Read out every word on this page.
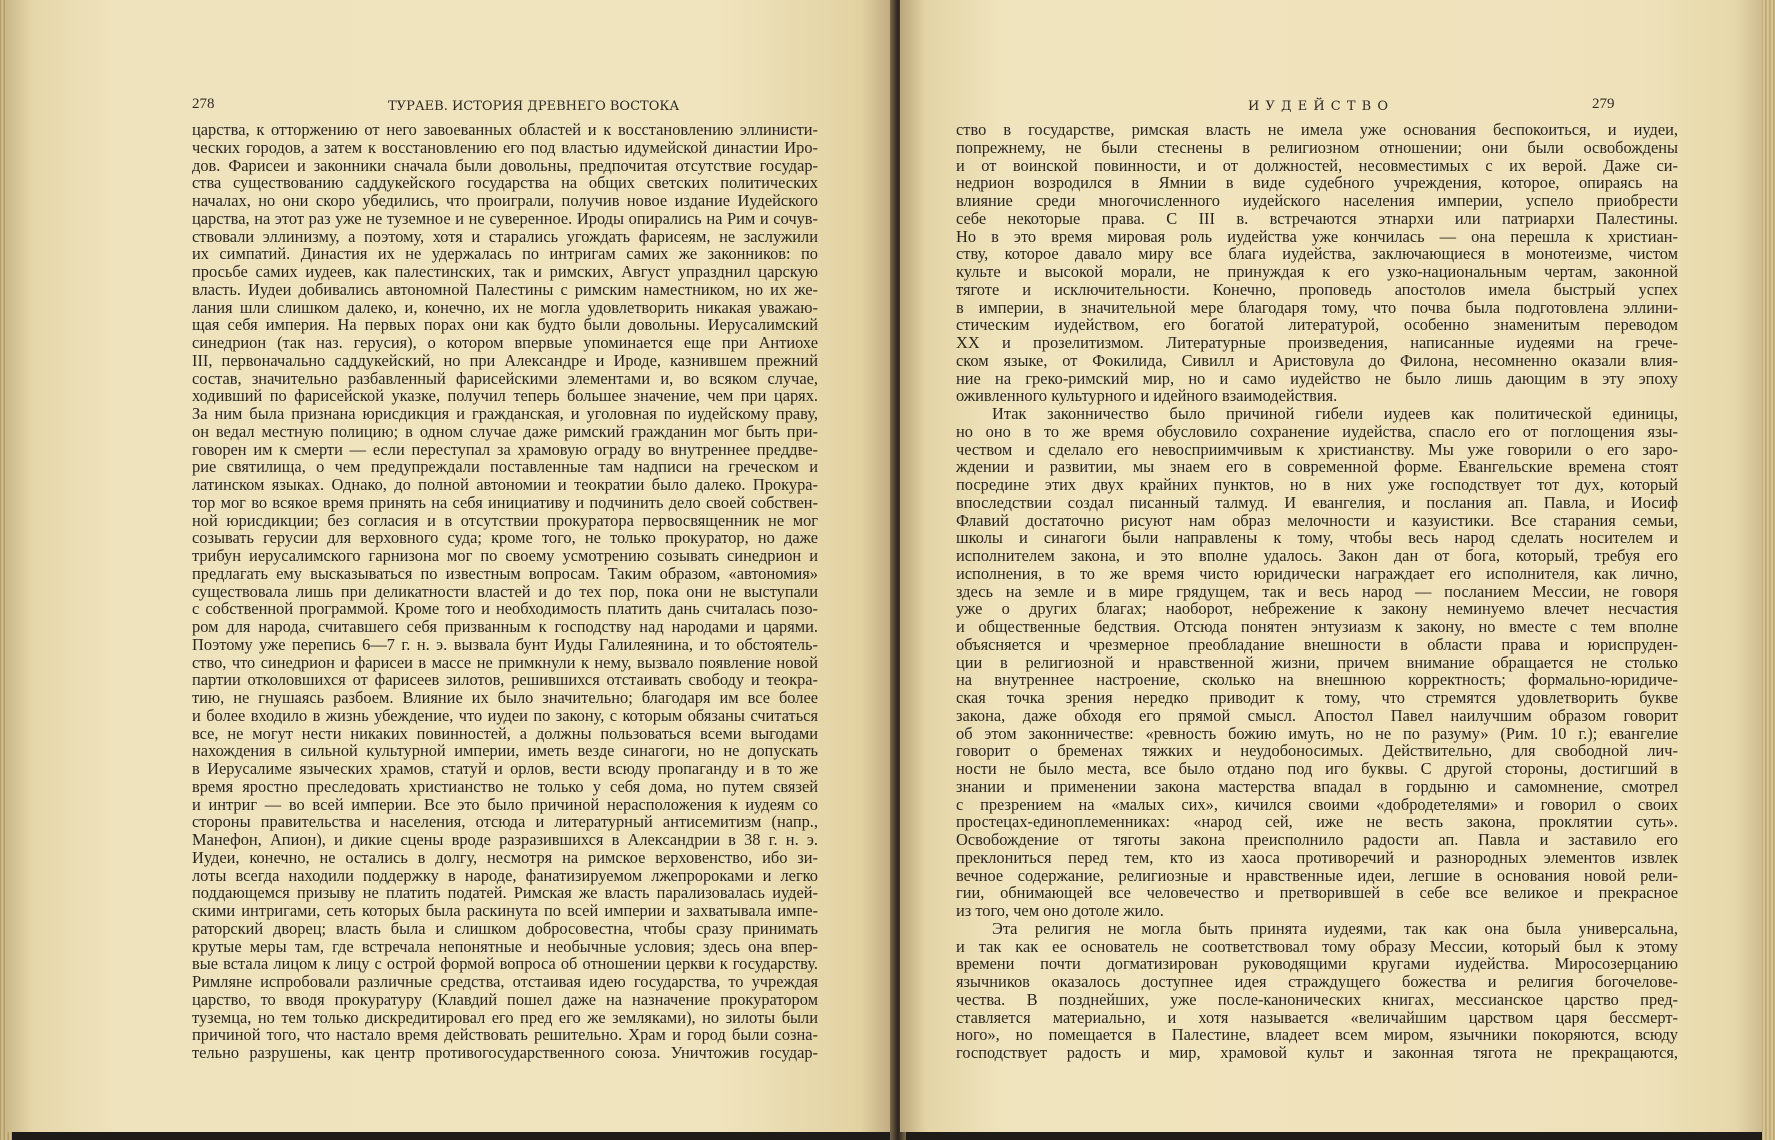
278	ТУРАЕВ. ИСТОРИЯ ДРЕВНЕГО ВОСТОКА

царства, к отторжению от него завоеванных областей и к восстановлению эллинисти-

ческих городов, а затем к восстановлению его под властью идумейской династии Иро-

дов. Фарисеи и законники сначала были довольны, предпочитая отсутствие государ-

ства существованию саддукейского государства на общих светских политических

началах, но они скоро убедились, что проиграли, получив новое издание Иудейского

царства, на этот раз уже не туземное и не суверенное. Ироды опирались на Рим и сочув-

ствовали эллинизму, а поэтому, хотя и старались угождать фарисеям, не заслужили

их симпатий. Династия их не удержалась по интригам самих же законников: по

просьбе самих иудеев, как палестинских, так и римских, Август упразднил царскую

власть. Иудеи добивались автономной Палестины с римским наместником, но их же-

лания шли слишком далеко, и, конечно, их не могла удовлетворить никакая уважаю-

щая себя империя. На первых порах они как будто были довольны. Иерусалимский

синедрион (так наз. герусия), о котором впервые упоминается еще при Антиохе

III, первоначально саддукейский, но при Александре и Ироде, казнившем прежний

состав, значительно разбавленный фарисейскими элементами и, во всяком случае,

ходивший по фарисейской указке, получил теперь большее значение, чем при царях.

За ним была признана юрисдикция и гражданская, и уголовная по иудейскому праву,

он ведал местную полицию; в одном случае даже римский гражданин мог быть при-

говорен им к смерти — если переступал за храмовую ограду во внутреннее преддве-

рие святилища, о чем предупреждали поставленные там надписи на греческом и

латинском языках. Однако, до полной автономии и теократии было далеко. Прокура-

тор мог во всякое время принять на себя инициативу и подчинить дело своей собствен-

ной юрисдикции; без согласия и в отсутствии прокуратора первосвященник не мог

созывать герусии для верховного суда; кроме того, не только прокуратор, но даже

трибун иерусалимского гарнизона мог по своему усмотрению созывать синедрион и

предлагать ему высказываться по известным вопросам. Таким образом, «автономия»

существовала лишь при деликатности властей и до тех пор, пока они не выступали

с собственной программой. Кроме того и необходимость платить дань считалась позо-

ром для народа, считавшего себя призванным к господству над народами и царями.

Поэтому уже перепись 6—7 г. н. э. вызвала бунт Иуды Галилеянина, и то обстоятель-

ство, что синедрион и фарисеи в массе не примкнули к нему, вызвало появление новой

партии отколовшихся от фарисеев зилотов, решившихся отстаивать свободу и теокра-

тию, не гнушаясь разбоем. Влияние их было значительно; благодаря им все более

и более входило в жизнь убеждение, что иудеи по закону, с которым обязаны считаться

все, не могут нести никаких повинностей, а должны пользоваться всеми выгодами

нахождения в сильной культурной империи, иметь везде синагоги, но не допускать

в Иерусалиме языческих храмов, статуй и орлов, вести всюду пропаганду и в то же

время яростно преследовать христианство не только у себя дома, но путем связей

и интриг — во всей империи. Все это было причиной нерасположения к иудеям со

стороны правительства и населения, отсюда и литературный антисемитизм (напр.,

Манефон, Апион), и дикие сцены вроде разразившихся в Александрии в 38 г. н. э.

Иудеи, конечно, не остались в долгу, несмотря на римское верховенство, ибо зи-

лоты всегда находили поддержку в народе, фанатизируемом лжепророками и легко

поддающемся призыву не платить податей. Римская же власть парализовалась иудей-

скими интригами, сеть которых была раскинута по всей империи и захватывала импе-

раторский дворец; власть была и слишком добросовестна, чтобы сразу принимать

крутые меры там, где встречала непонятные и необычные условия; здесь она впер-

вые встала лицом к лицу с острой формой вопроса об отношении церкви к государству.

Римляне испробовали различные средства, отстаивая идею государства, то учреждая

царство, то вводя прокуратуру (Клавдий пошел даже на назначение прокуратором

туземца, но тем только дискредитировал его пред его же земляками), но зилоты были

причиной того, что настало время действовать решительно. Храм и город были созна-

тельно разрушены, как центр противогосударственного союза. Уничтожив государ-

279
И У Д Е Й С Т В О

ство в государстве, римская власть не имела уже основания беспокоиться, и иудеи,

попрежнему, не были стеснены в религиозном отношении; они были освобождены

и от воинской повинности, и от должностей, несовместимых с их верой. Даже си-

недрион возродился в Ямнии в виде судебного учреждения, которое, опираясь на

влияние среди многочисленного иудейского населения империи, успело приобрести

себе некоторые права. С III в. встречаются этнархи или патриархи Палестины.

Но в это время мировая роль иудейства уже кончилась — она перешла к христиан-

ству, которое давало миру все блага иудейства, заключающиеся в монотеизме, чистом

культе и высокой морали, не принуждая к его узко-национальным чертам, законной

тяготе и исключительности. Конечно, проповедь апостолов имела быстрый успех

в империи, в значительной мере благодаря тому, что почва была подготовлена эллини-

стическим иудейством, его богатой литературой, особенно знаменитым переводом

XX и прозелитизмом. Литературные произведения, написанные иудеями на грече-

ском языке, от Фокилида, Сивилл и Аристовула до Филона, несомненно оказали влия-

ние на греко-римский мир, но и само иудейство не было лишь дающим в эту эпоху

оживленного культурного и идейного взаимодействия.

Итак законничество было причиной гибели иудеев как политической единицы,

но оно в то же время обусловило сохранение иудейства, спасло его от поглощения язы-

чеством и сделало его невосприимчивым к христианству. Мы уже говорили о его заро-

ждении и развитии, мы знаем его в современной форме. Евангельские времена стоят

посредине этих двух крайних пунктов, но в них уже господствует тот дух, который

впоследствии создал писанный талмуд. И евангелия, и послания ап. Павла, и Иосиф

Флавий достаточно рисуют нам образ мелочности и казуистики. Все старания семьи,

школы и синагоги были направлены к тому, чтобы весь народ сделать носителем и

исполнителем закона, и это вполне удалось. Закон дан от бога, который, требуя его

исполнения, в то же время чисто юридически награждает его исполнителя, как лично,

здесь на земле и в мире грядущем, так и весь народ — посланием Мессии, не говоря

уже о других благах; наоборот, небрежение к закону неминуемо влечет несчастия

и общественные бедствия. Отсюда понятен энтузиазм к закону, но вместе с тем вполне

объясняется и чрезмерное преобладание внешности в области права и юриспруден-

ции в религиозной и нравственной жизни, причем внимание обращается не столько

на внутреннее настроение, сколько на внешнюю корректность; формально-юридиче-

ская точка зрения нередко приводит к тому, что стремятся удовлетворить букве

закона, даже обходя его прямой смысл. Апостол Павел наилучшим образом говорит

об этом законничестве: «ревность божию имуть, но не по разуму» (Рим. 10 г.); евангелие

говорит о бременах тяжких и неудобоносимых. Действительно, для свободной лич-

ности не было места, все было отдано под иго буквы. С другой стороны, достигший в

знании и применении закона мастерства впадал в гордыню и самомнение, смотрел

с презрением на «малых сих», кичился своими «добродетелями» и говорил о своих

простецах-единоплеменниках: «народ сей, иже не весть закона, проклятии суть».

Освобождение от тяготы закона преисполнило радости ап. Павла и заставило его

преклониться перед тем, кто из хаоса противоречий и разнородных элементов извлек

вечное содержание, религиозные и нравственные идеи, легшие в основания новой рели-

гии, обнимающей все человечество и претворившей в себе все великое и прекрасное

из того, чем оно дотоле жило.

Эта религия не могла быть принята иудеями, так как она была универсальна,

и так как ее основатель не соответствовал тому образу Мессии, который был к этому

времени почти догматизирован руководящими кругами иудейства. Миросозерцанию

язычников оказалось доступнее идея страждущего божества и религия богочелове-

чества. В позднейших, уже после-канонических книгах, мессианское царство пред-

ставляется материально, и хотя называется «величайшим царством царя бессмерт-

ного», но помещается в Палестине, владеет всем миром, язычники покоряются, всюду

господствует радость и мир, храмовой культ и законная тягота не прекращаются,
